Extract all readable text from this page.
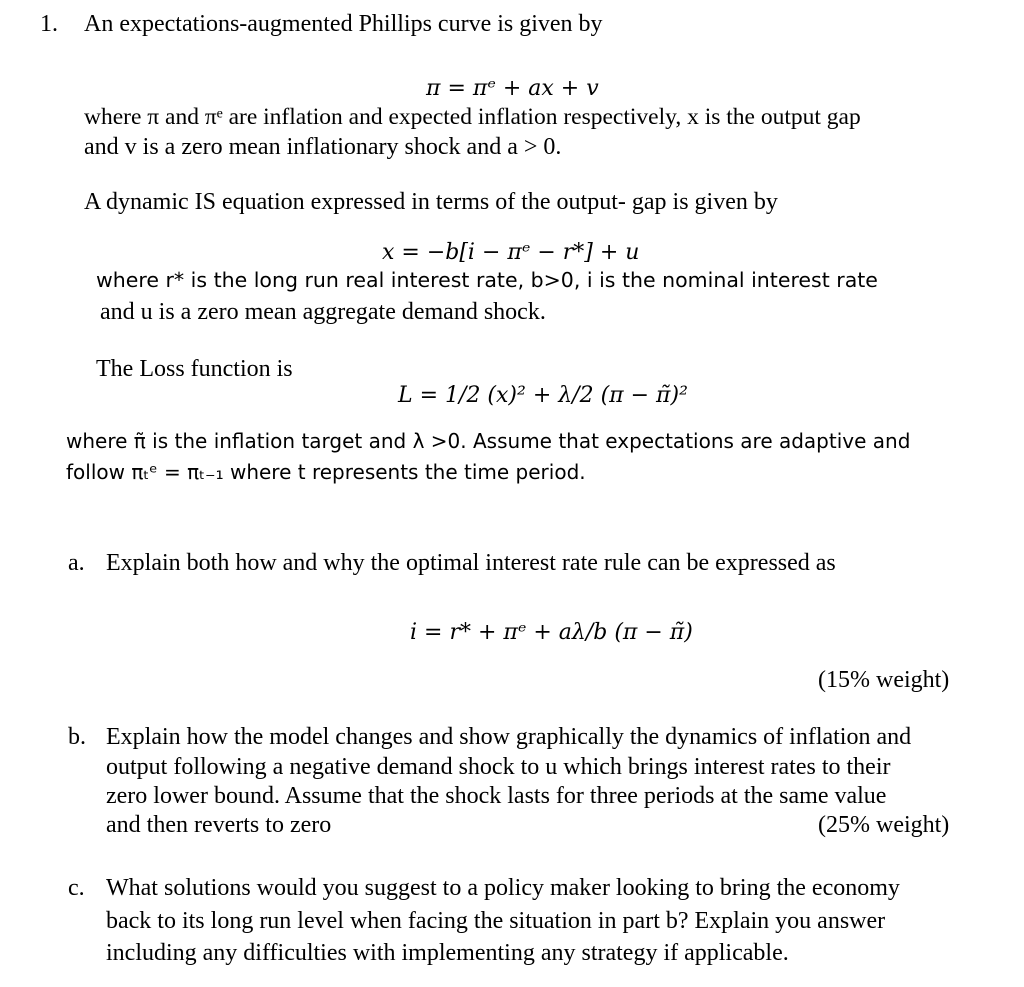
1. An expectations-augmented Phillips curve is given by
π = πᵉ + ax + v
where π and πᵉ are inflation and expected inflation respectively, x is the output gap
and v is a zero mean inflationary shock and a > 0.
A dynamic IS equation expressed in terms of the output- gap is given by
x = −b[i − πᵉ − r*] + u
where r* is the long run real interest rate, b>0, i is the nominal interest rate
and u is a zero mean aggregate demand shock.
The Loss function is
L = 1/2 (x)² + λ/2 (π − π̃)²
where π̃ is the inflation target and λ >0. Assume that expectations are adaptive and
follow πₜᵉ = πₜ₋₁ where t represents the time period.
a. Explain both how and why the optimal interest rate rule can be expressed as
i = r* + πᵉ + aλ/b (π − π̃)
(15% weight)
b. Explain how the model changes and show graphically the dynamics of inflation and
output following a negative demand shock to u which brings interest rates to their
zero lower bound. Assume that the shock lasts for three periods at the same value
and then reverts to zero	(25% weight)
c. What solutions would you suggest to a policy maker looking to bring the economy
back to its long run level when facing the situation in part b? Explain you answer
including any difficulties with implementing any strategy if applicable.
